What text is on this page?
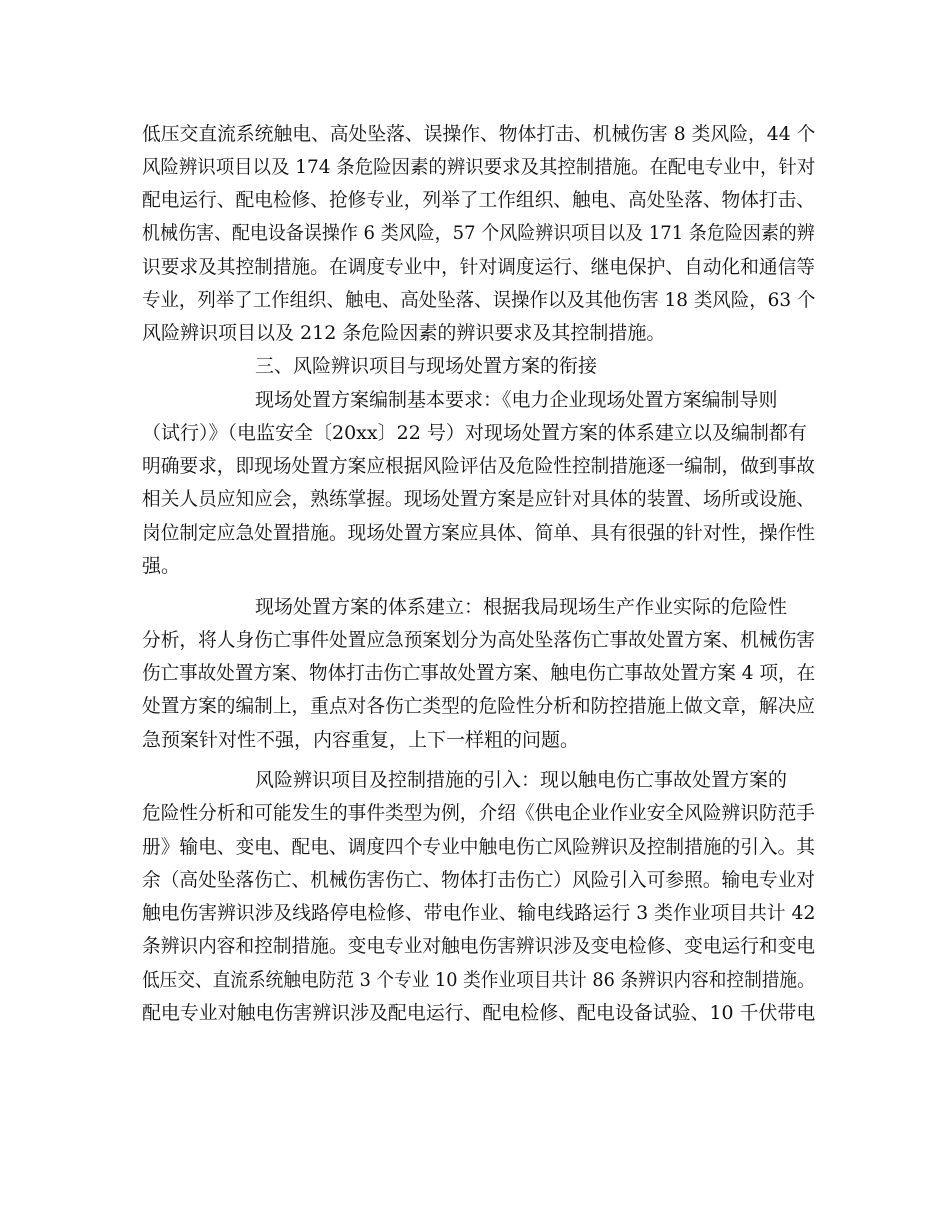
低压交直流系统触电、高处坠落、误操作、物体打击、机械伤害 8 类风险，44 个
风险辨识项目以及 174 条危险因素的辨识要求及其控制措施。在配电专业中，针对
配电运行、配电检修、抢修专业，列举了工作组织、触电、高处坠落、物体打击、
机械伤害、配电设备误操作 6 类风险，57 个风险辨识项目以及 171 条危险因素的辨
识要求及其控制措施。在调度专业中，针对调度运行、继电保护、自动化和通信等
专业，列举了工作组织、触电、高处坠落、误操作以及其他伤害 18 类风险，63 个
风险辨识项目以及 212 条危险因素的辨识要求及其控制措施。
三、风险辨识项目与现场处置方案的衔接
现场处置方案编制基本要求：《电力企业现场处置方案编制导则
（试行）》（电监安全〔20xx〕22 号）对现场处置方案的体系建立以及编制都有
明确要求，即现场处置方案应根据风险评估及危险性控制措施逐一编制，做到事故
相关人员应知应会，熟练掌握。现场处置方案是应针对具体的装置、场所或设施、
岗位制定应急处置措施。现场处置方案应具体、简单、具有很强的针对性，操作性
强。
现场处置方案的体系建立：根据我局现场生产作业实际的危险性
分析，将人身伤亡事件处置应急预案划分为高处坠落伤亡事故处置方案、机械伤害
伤亡事故处置方案、物体打击伤亡事故处置方案、触电伤亡事故处置方案 4 项，在
处置方案的编制上，重点对各伤亡类型的危险性分析和防控措施上做文章，解决应
急预案针对性不强，内容重复，上下一样粗的问题。
风险辨识项目及控制措施的引入：现以触电伤亡事故处置方案的
危险性分析和可能发生的事件类型为例，介绍《供电企业作业安全风险辨识防范手
册》输电、变电、配电、调度四个专业中触电伤亡风险辨识及控制措施的引入。其
余（高处坠落伤亡、机械伤害伤亡、物体打击伤亡）风险引入可参照。输电专业对
触电伤害辨识涉及线路停电检修、带电作业、输电线路运行 3 类作业项目共计 42
条辨识内容和控制措施。变电专业对触电伤害辨识涉及变电检修、变电运行和变电
低压交、直流系统触电防范 3 个专业 10 类作业项目共计 86 条辨识内容和控制措施。
配电专业对触电伤害辨识涉及配电运行、配电检修、配电设备试验、10 千伏带电
